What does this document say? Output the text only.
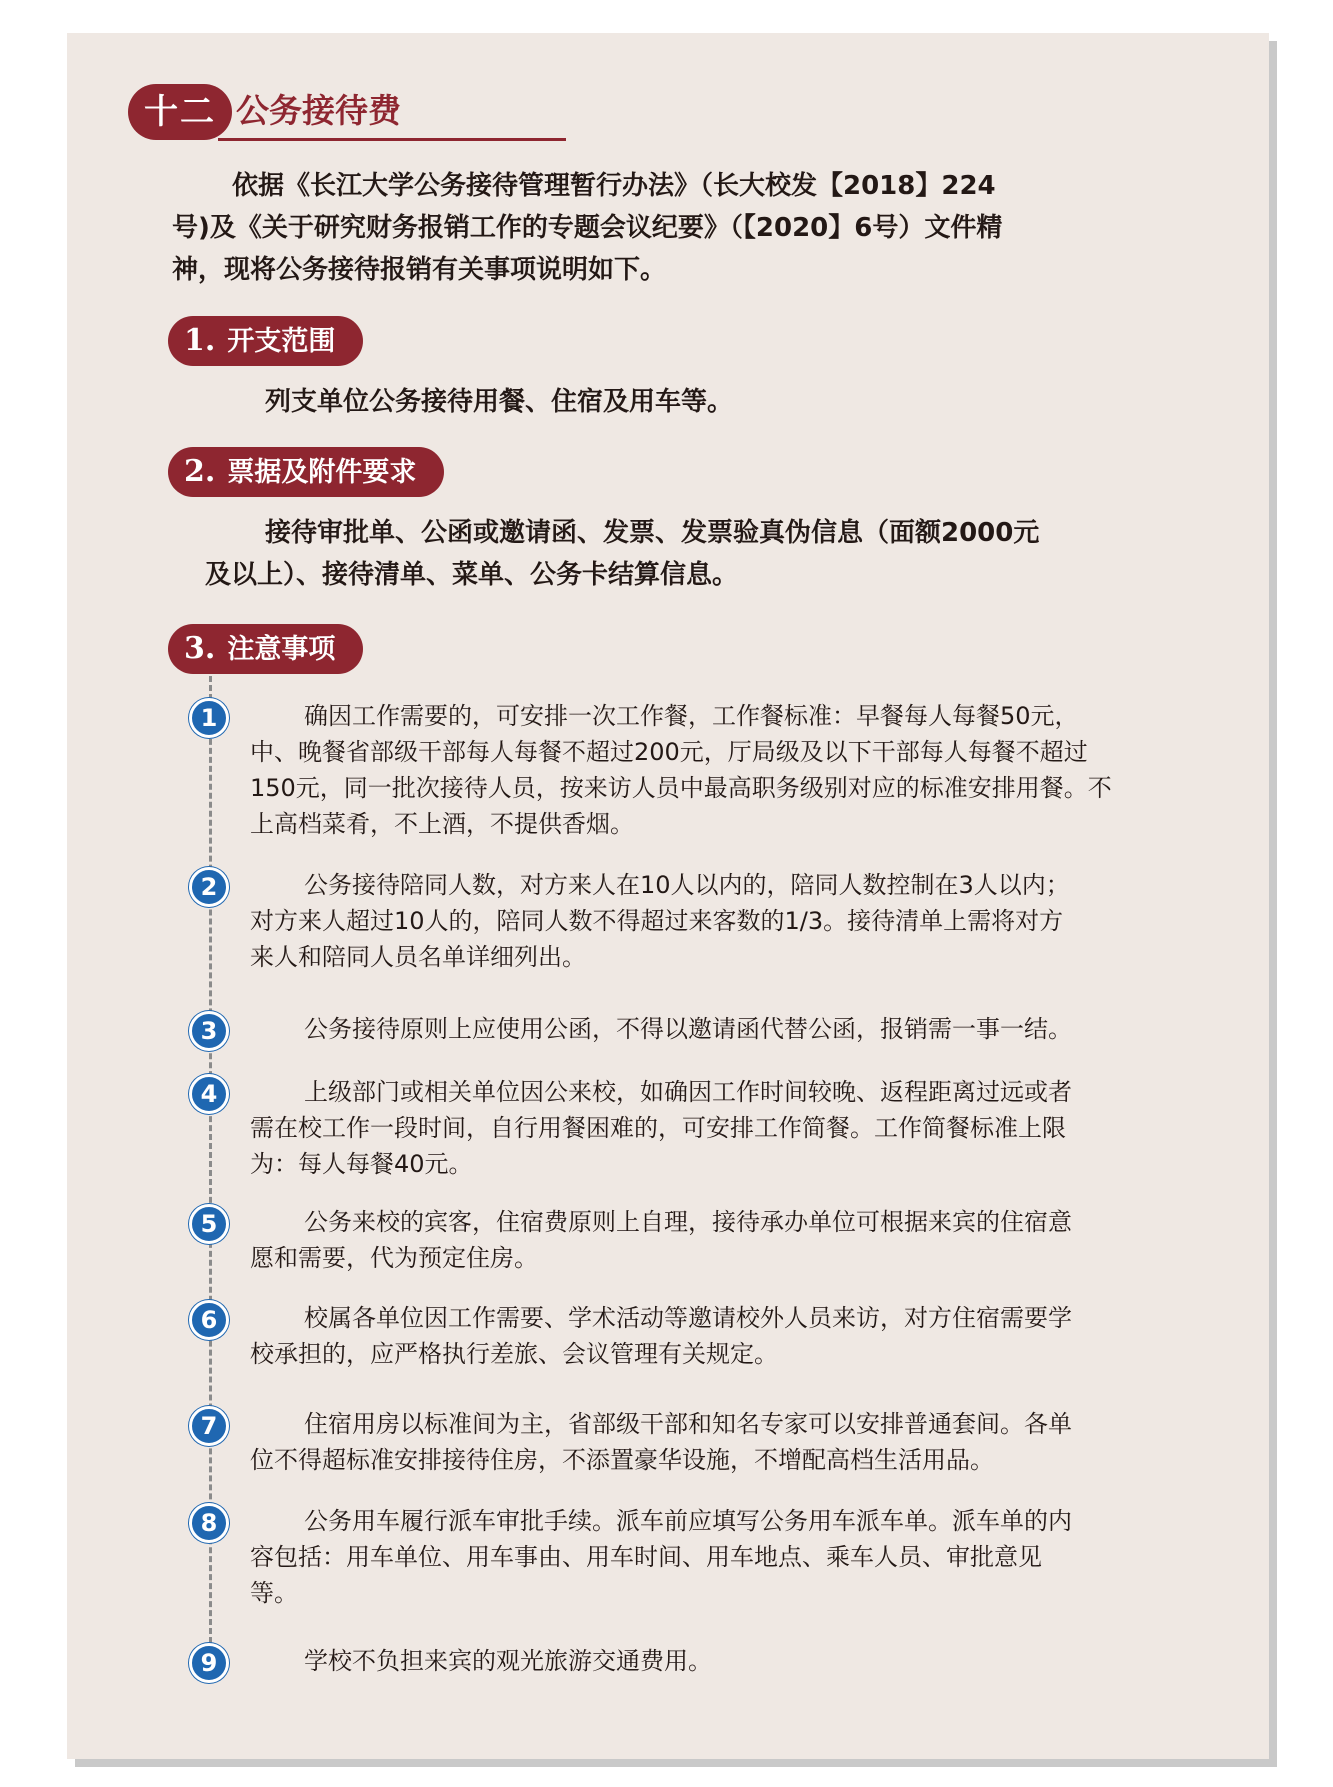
十二 公务接待费
依据《长江大学公务接待管理暂行办法》（长大校发【2018】224
号)及《关于研究财务报销工作的专题会议纪要》（【2020】6号）文件精
神，现将公务接待报销有关事项说明如下。
1. 开支范围
列支单位公务接待用餐、住宿及用车等。
2. 票据及附件要求
接待审批单、公函或邀请函、发票、发票验真伪信息（面额2000元
及以上）、接待清单、菜单、公务卡结算信息。
3. 注意事项
1	确因工作需要的，可安排一次工作餐，工作餐标准：早餐每人每餐50元，
中、晚餐省部级干部每人每餐不超过200元，厅局级及以下干部每人每餐不超过
150元，同一批次接待人员，按来访人员中最高职务级别对应的标准安排用餐。不
上高档菜肴，不上酒，不提供香烟。
2	公务接待陪同人数，对方来人在10人以内的，陪同人数控制在3人以内；
对方来人超过10人的，陪同人数不得超过来客数的1/3。接待清单上需将对方
来人和陪同人员名单详细列出。
3	公务接待原则上应使用公函，不得以邀请函代替公函，报销需一事一结。
4	上级部门或相关单位因公来校，如确因工作时间较晚、返程距离过远或者
需在校工作一段时间，自行用餐困难的，可安排工作简餐。工作简餐标准上限
为：每人每餐40元。
5	公务来校的宾客，住宿费原则上自理，接待承办单位可根据来宾的住宿意
愿和需要，代为预定住房。
6	校属各单位因工作需要、学术活动等邀请校外人员来访，对方住宿需要学
校承担的，应严格执行差旅、会议管理有关规定。
7	住宿用房以标准间为主，省部级干部和知名专家可以安排普通套间。各单
位不得超标准安排接待住房，不添置豪华设施，不增配高档生活用品。
8	公务用车履行派车审批手续。派车前应填写公务用车派车单。派车单的内
容包括：用车单位、用车事由、用车时间、用车地点、乘车人员、审批意见
等。
9	学校不负担来宾的观光旅游交通费用。
